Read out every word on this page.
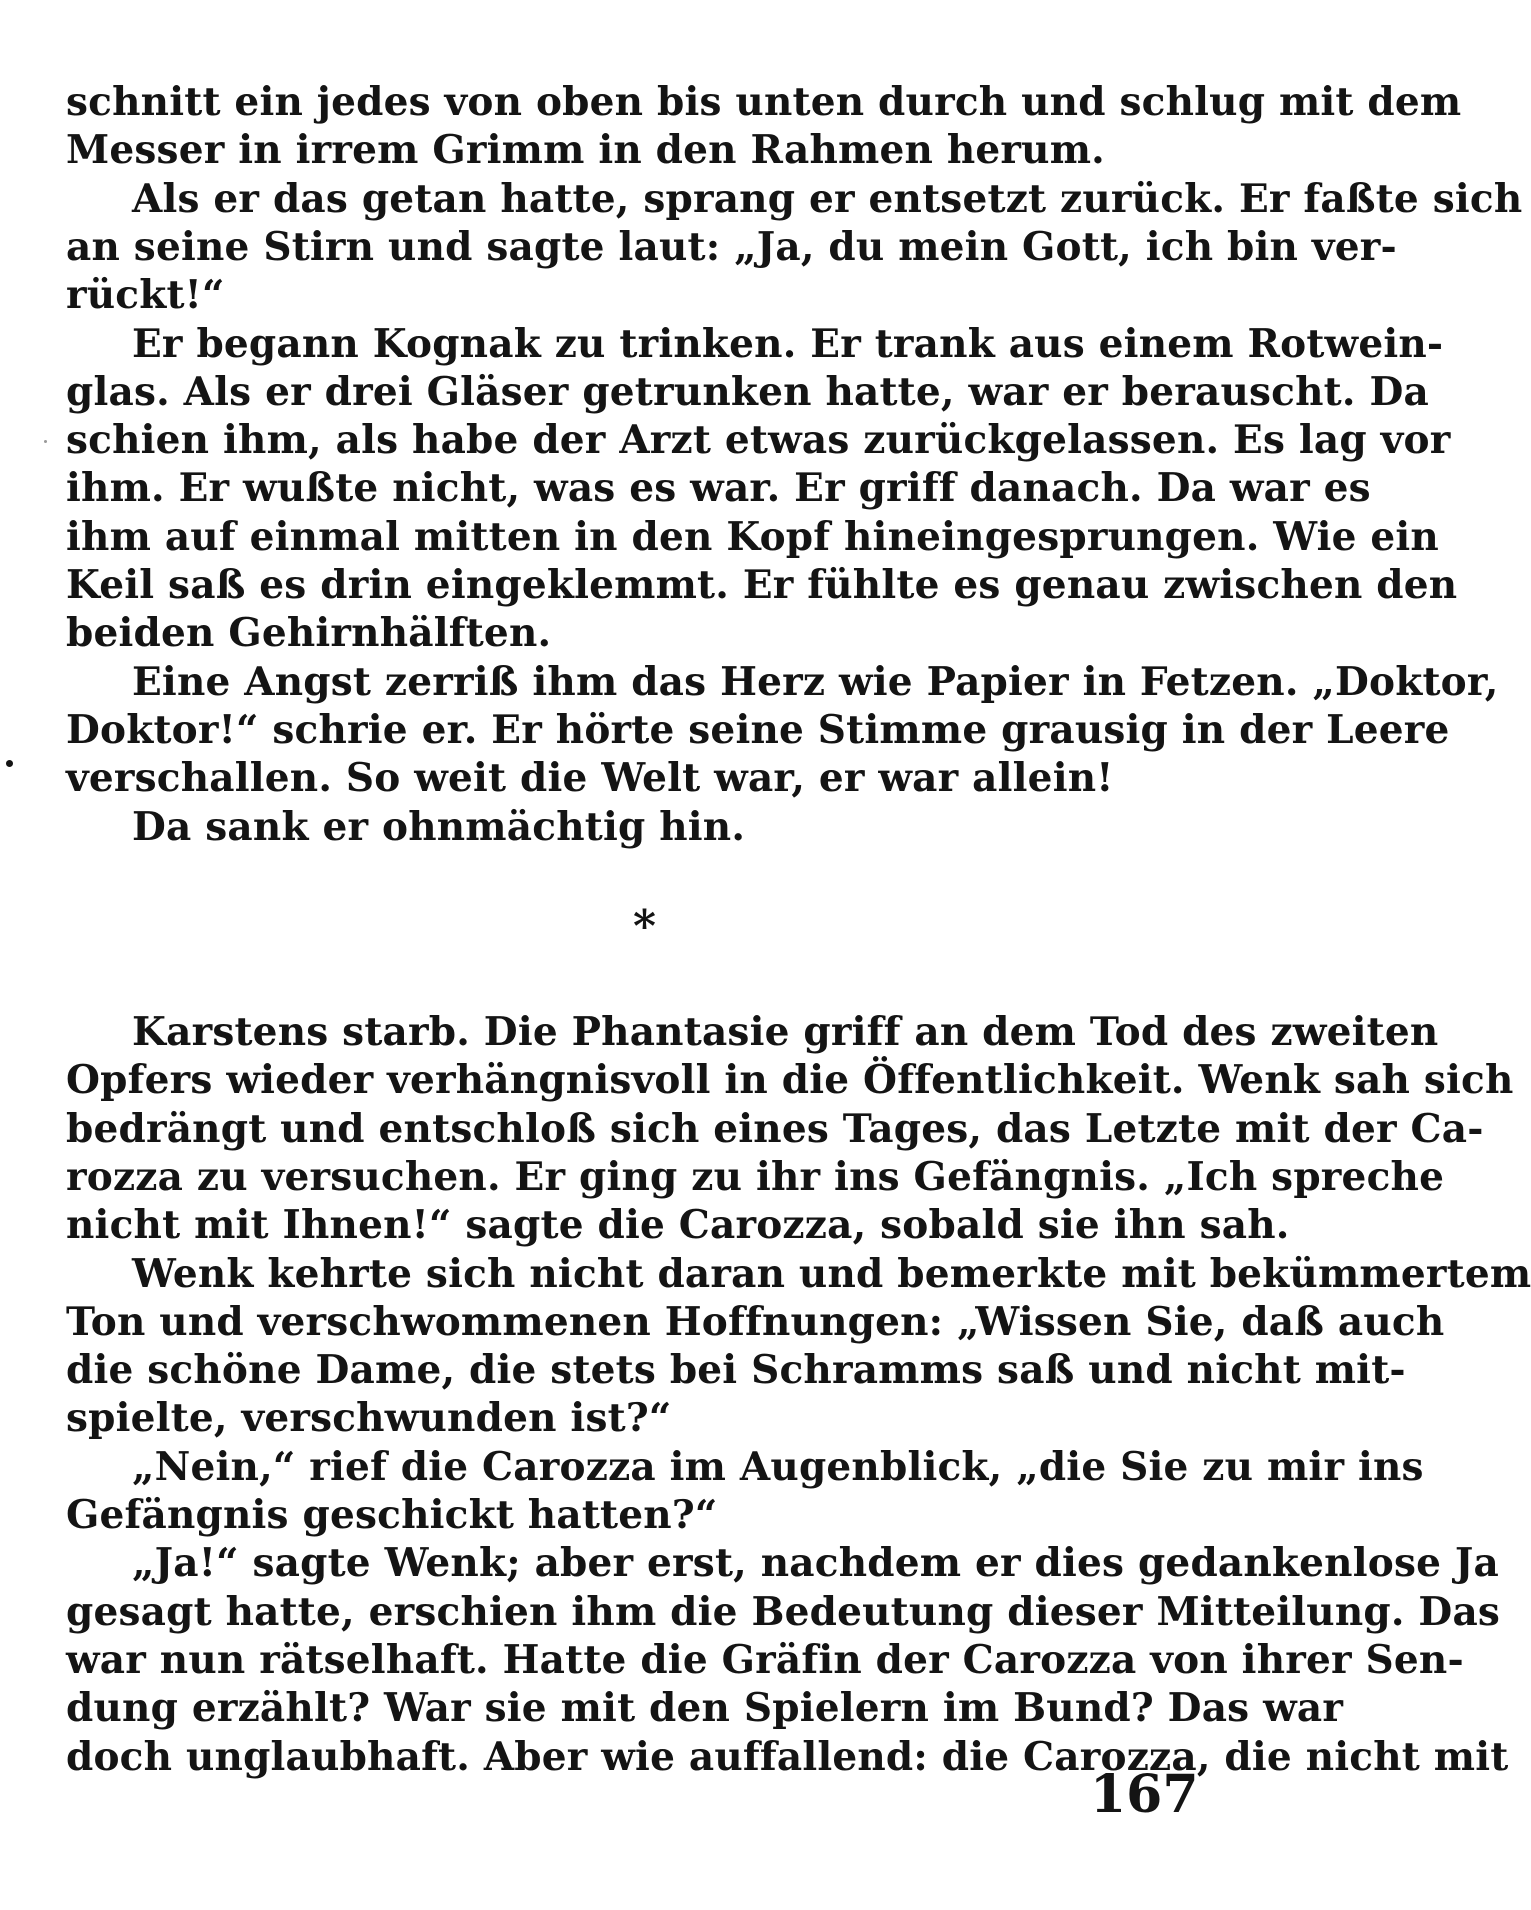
schnitt ein jedes von oben bis unten durch und schlug mit dem
Messer in irrem Grimm in den Rahmen herum.
Als er das getan hatte, sprang er entsetzt zurück. Er faßte sich
an seine Stirn und sagte laut: „Ja, du mein Gott, ich bin ver-
rückt!“
Er begann Kognak zu trinken. Er trank aus einem Rotwein-
glas. Als er drei Gläser getrunken hatte, war er berauscht. Da
schien ihm, als habe der Arzt etwas zurückgelassen. Es lag vor
ihm. Er wußte nicht, was es war. Er griff danach. Da war es
ihm auf einmal mitten in den Kopf hineingesprungen. Wie ein
Keil saß es drin eingeklemmt. Er fühlte es genau zwischen den
beiden Gehirnhälften.
Eine Angst zerriß ihm das Herz wie Papier in Fetzen. „Doktor,
Doktor!“ schrie er. Er hörte seine Stimme grausig in der Leere
verschallen. So weit die Welt war, er war allein!
Da sank er ohnmächtig hin.
*
Karstens starb. Die Phantasie griff an dem Tod des zweiten
Opfers wieder verhängnisvoll in die Öffentlichkeit. Wenk sah sich
bedrängt und entschloß sich eines Tages, das Letzte mit der Ca-
rozza zu versuchen. Er ging zu ihr ins Gefängnis. „Ich spreche
nicht mit Ihnen!“ sagte die Carozza, sobald sie ihn sah.
Wenk kehrte sich nicht daran und bemerkte mit bekümmertem
Ton und verschwommenen Hoffnungen: „Wissen Sie, daß auch
die schöne Dame, die stets bei Schramms saß und nicht mit-
spielte, verschwunden ist?“
„Nein,“ rief die Carozza im Augenblick, „die Sie zu mir ins
Gefängnis geschickt hatten?“
„Ja!“ sagte Wenk; aber erst, nachdem er dies gedankenlose Ja
gesagt hatte, erschien ihm die Bedeutung dieser Mitteilung. Das
war nun rätselhaft. Hatte die Gräfin der Carozza von ihrer Sen-
dung erzählt? War sie mit den Spielern im Bund? Das war
doch unglaubhaft. Aber wie auffallend: die Carozza, die nicht mit
167
